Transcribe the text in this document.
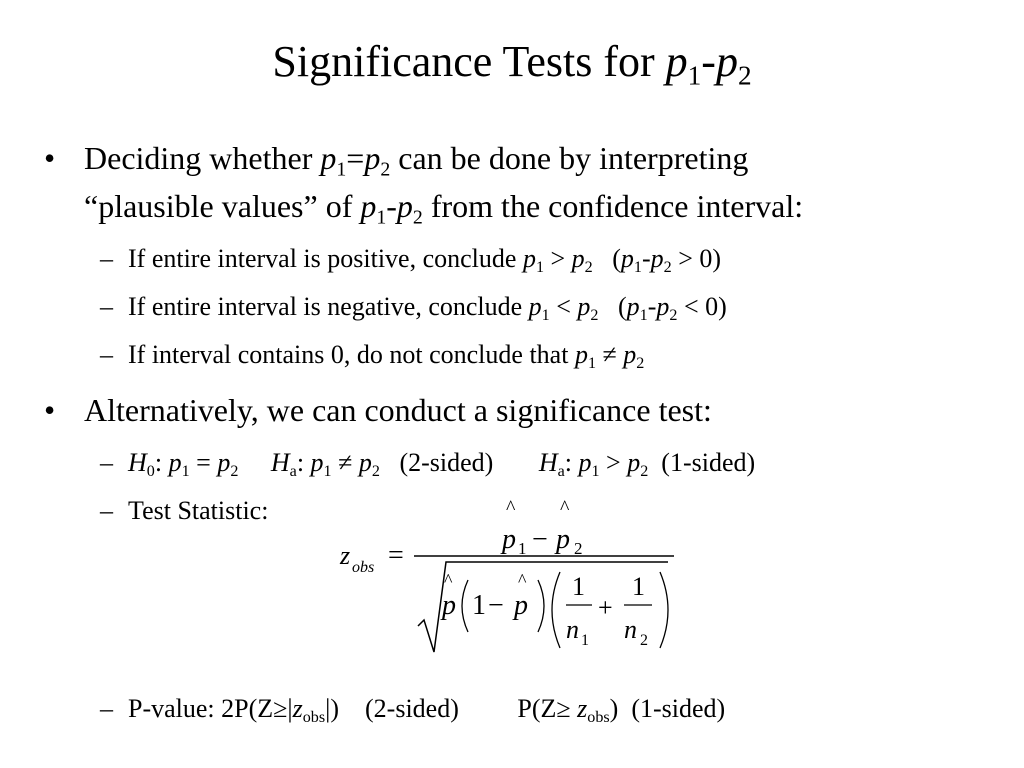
Significance Tests for $p_1-p_2$
• Deciding whether $p_1=p_2$ can be done by interpreting
“plausible values” of $p_1-p_2$ from the confidence interval:
– If entire interval is positive, conclude $p_1 > p_2$   $(p_1-p_2 > 0)$
– If entire interval is negative, conclude $p_1 < p_2$   $(p_1-p_2 < 0)$
– If interval contains 0, do not conclude that $p_1 \ne p_2$
• Alternatively, we can conduct a significance test:
– $H_0$: $p_1 = p_2$ $H_a$: $p_1 \ne p_2$ (2-sided) $H_a$: $p_1 > p_2$ (1-sided)
– Test Statistic:	^ ^
p 1 − p 2
z obs =
^
p 1 −
^
p
1
n 1
+
1
n 2
– P-value: $2P(Z\ge|z_{obs}|)$ (2-sided) $P(Z\ge z_{obs})$ (1-sided)
